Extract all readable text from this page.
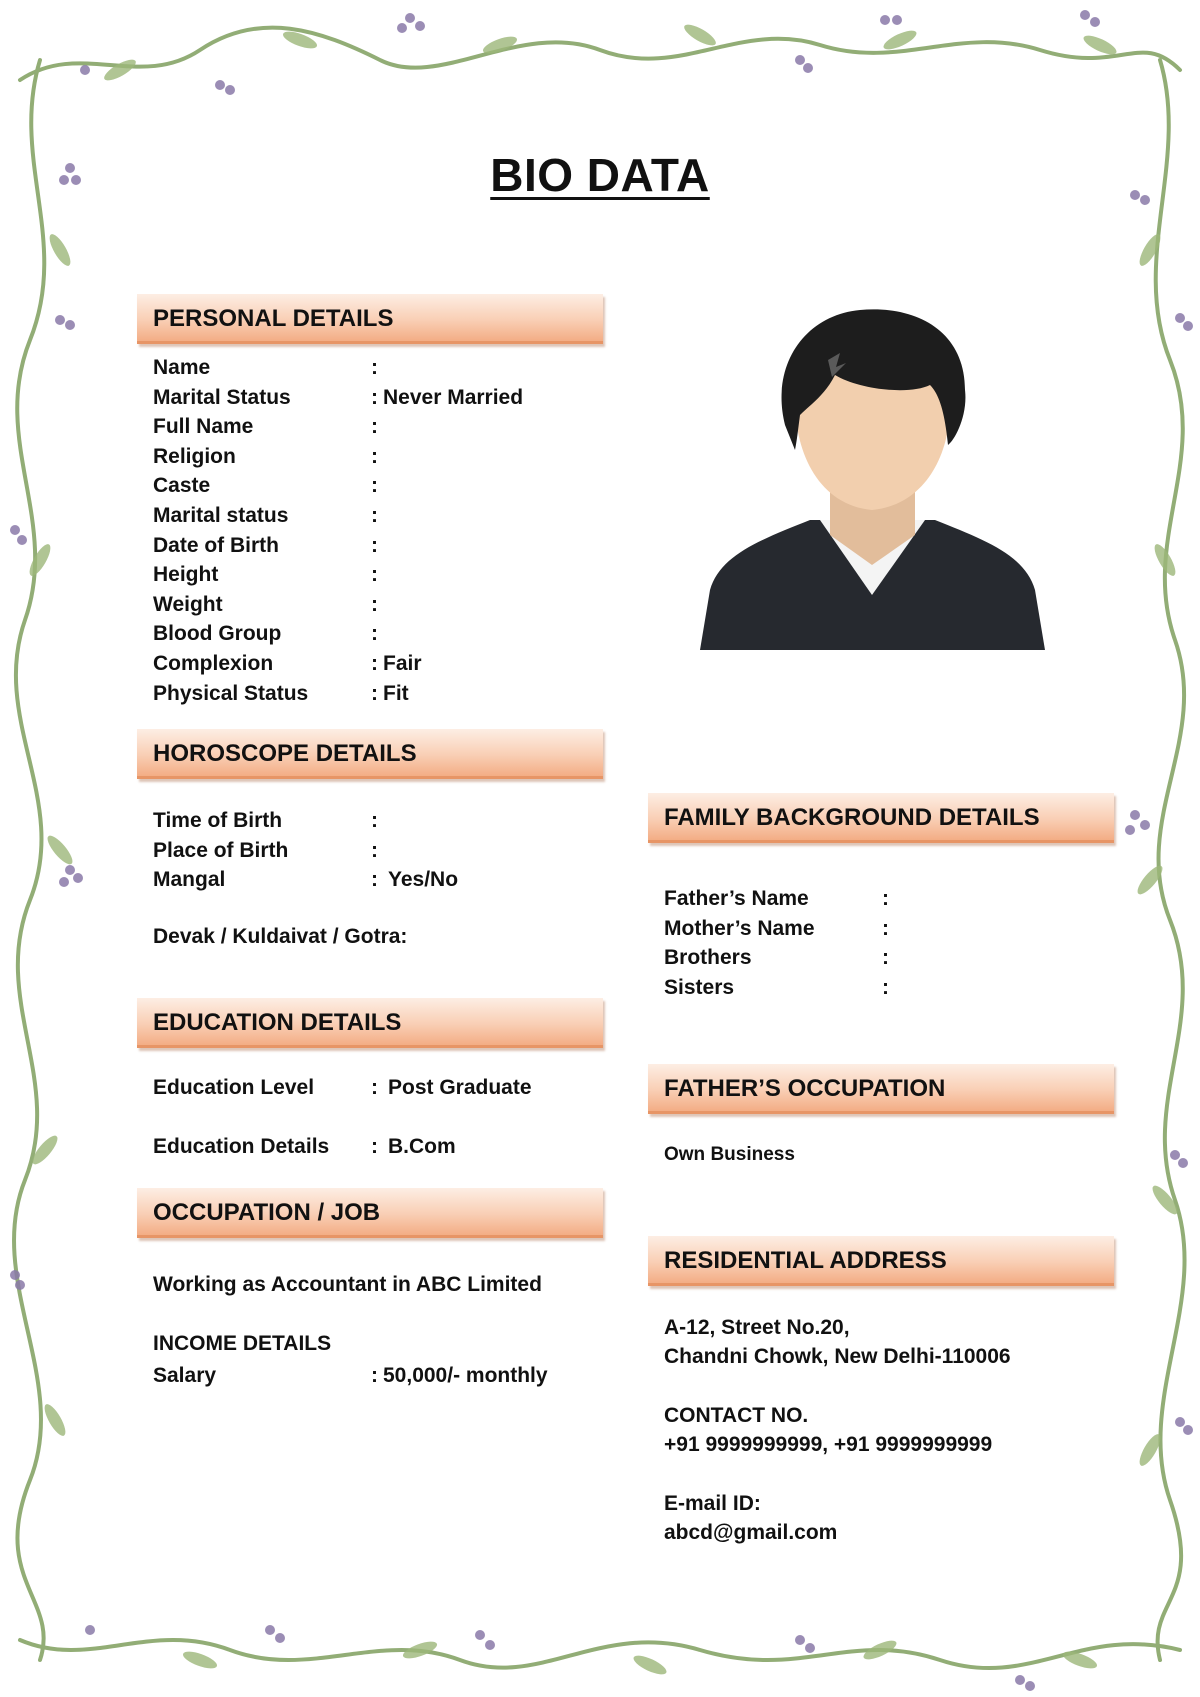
BIO DATA
PERSONAL DETAILS
Name	:
Marital Status	: Never Married
Full Name	:
Religion	:
Caste	:
Marital status	:
Date of Birth	:
Height	:
Weight	:
Blood Group	:
Complexion	: Fair
Physical Status	: Fit
HOROSCOPE DETAILS
Time of Birth	:
Place of Birth	:
Mangal	: Yes/No
Devak / Kuldaivat / Gotra:
EDUCATION DETAILS
Education Level	: Post Graduate
Education Details : B.Com
OCCUPATION / JOB
Working as Accountant in ABC Limited
INCOME DETAILS
Salary	: 50,000/- monthly
FAMILY BACKGROUND DETAILS
Father’s Name	:
Mother’s Name	:
Brothers	:
Sisters	:
FATHER’S OCCUPATION
Own Business
RESIDENTIAL ADDRESS
A-12, Street No.20,
Chandni Chowk, New Delhi-110006
CONTACT NO.
+91 9999999999, +91 9999999999
E-mail ID:
abcd@gmail.com
